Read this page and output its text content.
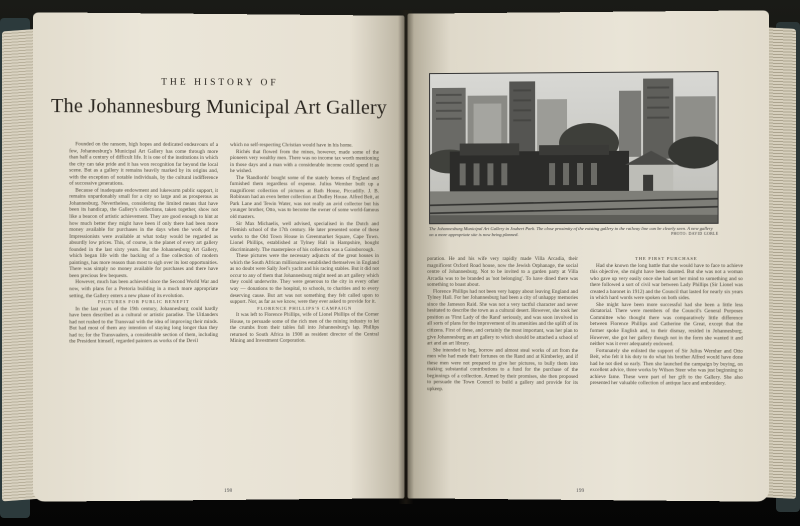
THE HISTORY OF
The Johannesburg Municipal Art Gallery

Founded on the ransom, high hopes and dedicated endeavours of a few, Johannesburg's Municipal Art Gallery has come through more than half a century of difficult life. It is one of the institutions in which the city can take pride and it has won recognition far beyond the local scene. But as a gallery it remains heavily marked by its origins and, with the exception of notable individuals, by the cultural indifference of successive generations.

Because of inadequate endowment and lukewarm public support, it remains unpardonably small for a city so large and as prosperous as Johannesburg. Nevertheless, considering the limited means that have been its handicap, the Gallery's collections, taken together, show not like a beacon of artistic achievement. They are good enough to hint at how much better they might have been if only there had been more money available for purchases in the days when the work of the Impressionists were available at what today would be regarded as absurdly low prices. This, of course, is the planet of every art gallery founded in the last sixty years. But the Johannesburg Art Gallery, which began life with the backing of a fine collection of modern paintings, has more reason than most to sigh over its lost opportunities. There was simply no money available for purchases and there have been precious few bequests.

However, much has been achieved since the Second World War and now, with plans for a Pretoria building in a much more appropriate setting, the Gallery enters a new phase of its evolution.

PICTURES FOR PUBLIC BENEFIT

In the last years of the 19th century, Johannesburg could hardly have been described as a cultural or artistic paradise. The Uitlanders had not rushed to the Transvaal with the idea of improving their minds. But had most of them any intention of staying long longer than they had to; for the Transvaalers, a considerable section of them, including the President himself, regarded painters as works of the Devil

which no self-respecting Christian would have in his home.

Richés that flowed from the mines, however, made some of the pioneers very wealthy men. There was no income tax worth mentioning in those days and a man with a considerable income could spend it as he wished.

The 'Randlords' bought some of the stately homes of England and furnished them regardless of expense. Julius Wernher built up a magnificent collection of pictures at Bath House, Piccadilly. J. B. Robinson had an even better collection at Dudley House. Alfred Beit, at Park Lane and Tewin Water, was not really an avid collector but his younger brother, Otto, was to become the owner of some world-famous old masters.

Sir Max Michaelis, well advised, specialised in the Dutch and Flemish school of the 17th century. He later presented some of these works to the Old Town House in Greenmarket Square, Cape Town. Lionel Phillips, established at Tylney Hall in Hampshire, bought discriminately. The masterpiece of his collection was a Gainsborough.

These pictures were the necessary adjuncts of the great houses in which the South African millionaires established themselves in England as no doubt were Sally Joel's yacht and his racing stables. But it did not occur to any of them that Johannesburg might need an art gallery which they could underwrite. They were generous to the city in every other way — donations to the hospital, to schools, to charities and to every deserving cause. But art was not something they felt called upon to support. Nor, as far as we know, were they ever asked to provide for it.

FLORENCE PHILLIPS'S CAMPAIGN

It was left to Florence Phillips, wife of Lionel Phillips of the Corner House, to persuade some of the rich men of the mining industry to let the crumbs from their tables fall into Johannesburg's lap. Phillips returned to South Africa in 1908 as resident director of the Central Mining and Investment Corporation.

198
The Johannesburg Municipal Art Gallery in Joubert Park. The close proximity of the existing gallery to the railway line can be clearly seen. A new gallery on a more appropriate site is now being planned.	PHOTO: DAVID GOBLE

poration. He and his wife very rapidly made Villa Arcadia, their magnificent Oxford Road house, now the Jewish Orphanage, the social centre of Johannesburg. Not to be invited to a garden party at Villa Arcadia was to be branded as 'not belonging'. To have dined there was something to boast about.

Florence Phillips had not been very happy about leaving England and Tylney Hall. For her Johannesburg had been a city of unhappy memories since the Jameson Raid. She was not a very tactful character and never hesitated to describe the town as a cultural desert. However, she took her position as 'First Lady of the Rand' seriously, and was soon involved in all sorts of plans for the improvement of its amenities and the uplift of its citizens. First of these, and certainly the most important, was her plan to give Johannesburg an art gallery to which should be attached a school of art and an art library.

She intended to beg, borrow and almost steal works of art from the men who had made their fortunes on the Rand and at Kimberley, and if these men were not prepared to give her pictures, to bully them into making substantial contributions to a fund for the purchase of the beginnings of a collection. Armed by their promises, she then proposed to persuade the Town Council to build a gallery and provide for its upkeep.

THE FIRST PURCHASE

Had she known the long battle that she would have to face to achieve this objective, she might have been daunted. But she was not a woman who gave up very easily once she had set her mind to something and so there followed a sort of civil war between Lady Phillips (Sir Lionel was created a baronet in 1912) and the Council that lasted for nearly six years in which hard words were spoken on both sides.

She might have been more successful had she been a little less dictatorial. There were members of the Council's General Purposes Committee who thought there was comparatively little difference between Florence Phillips and Catherine the Great, except that the former spoke English and, to their dismay, resided in Johannesburg. However, she got her gallery though not in the form she wanted it and neither was it ever adequately endowed.

Fortunately she enlisted the support of Sir Julius Wernher and Otto Beit, who felt it his duty to do what his brother Alfred would have done had he not died so early. Then she launched the campaign by buying, on excellent advice, three works by Wilson Steer who was just beginning to achieve fame. These were part of her gift to the Gallery. She also presented her valuable collection of antique lace and embroidery.

199
